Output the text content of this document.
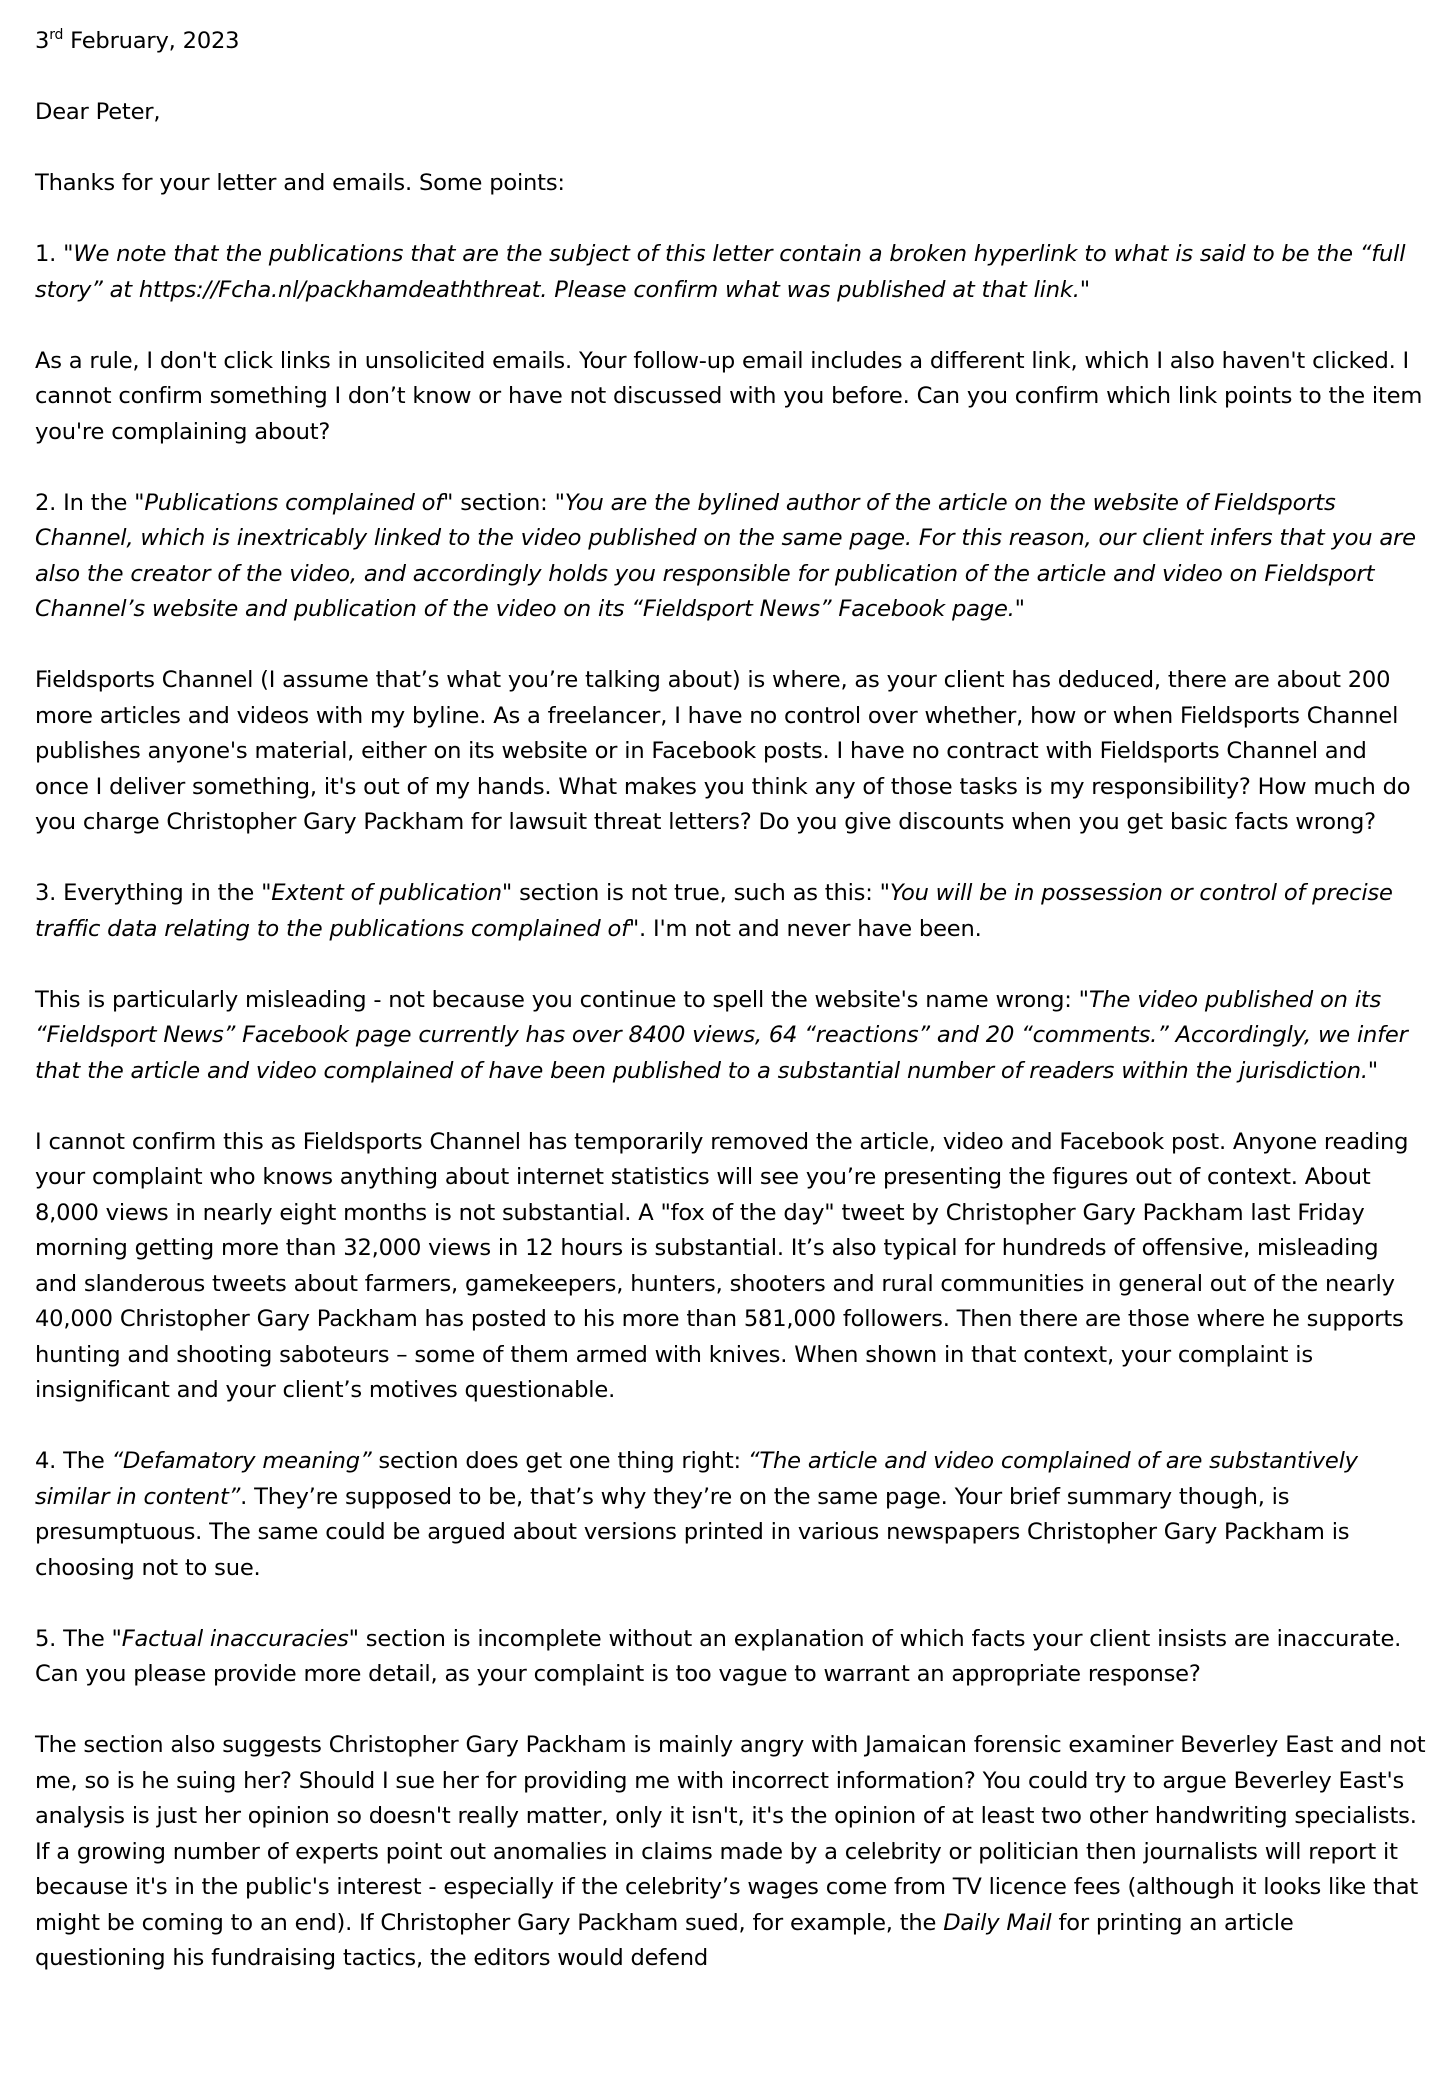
3rd February, 2023

Dear Peter,

Thanks for your letter and emails. Some points:

1. "We note that the publications that are the subject of this letter contain a broken hyperlink to what is said to be the “full story” at https://Fcha.nl/packhamdeaththreat. Please confirm what was published at that link."

As a rule, I don't click links in unsolicited emails. Your follow-up email includes a different link, which I also haven't clicked. I cannot confirm something I don’t know or have not discussed with you before. Can you confirm which link points to the item you're complaining about?

2. In the "Publications complained of" section: "You are the bylined author of the article on the website of Fieldsports Channel, which is inextricably linked to the video published on the same page. For this reason, our client infers that you are also the creator of the video, and accordingly holds you responsible for publication of the article and video on Fieldsport Channel’s website and publication of the video on its “Fieldsport News” Facebook page."

Fieldsports Channel (I assume that’s what you’re talking about) is where, as your client has deduced, there are about 200 more articles and videos with my byline. As a freelancer, I have no control over whether, how or when Fieldsports Channel publishes anyone's material, either on its website or in Facebook posts. I have no contract with Fieldsports Channel and once I deliver something, it's out of my hands. What makes you think any of those tasks is my responsibility? How much do you charge Christopher Gary Packham for lawsuit threat letters? Do you give discounts when you get basic facts wrong?

3. Everything in the "Extent of publication" section is not true, such as this: "You will be in possession or control of precise traffic data relating to the publications complained of". I'm not and never have been.

This is particularly misleading - not because you continue to spell the website's name wrong: "The video published on its “Fieldsport News” Facebook page currently has over 8400 views, 64 “reactions” and 20 “comments.” Accordingly, we infer that the article and video complained of have been published to a substantial number of readers within the jurisdiction."

I cannot confirm this as Fieldsports Channel has temporarily removed the article, video and Facebook post. Anyone reading your complaint who knows anything about internet statistics will see you’re presenting the figures out of context. About 8,000 views in nearly eight months is not substantial. A "fox of the day" tweet by Christopher Gary Packham last Friday morning getting more than 32,000 views in 12 hours is substantial. It’s also typical for hundreds of offensive, misleading and slanderous tweets about farmers, gamekeepers, hunters, shooters and rural communities in general out of the nearly 40,000 Christopher Gary Packham has posted to his more than 581,000 followers. Then there are those where he supports hunting and shooting saboteurs – some of them armed with knives. When shown in that context, your complaint is insignificant and your client’s motives questionable.

4. The “Defamatory meaning” section does get one thing right: “The article and video complained of are substantively similar in content”. They’re supposed to be, that’s why they’re on the same page. Your brief summary though, is presumptuous. The same could be argued about versions printed in various newspapers Christopher Gary Packham is choosing not to sue.

5. The "Factual inaccuracies" section is incomplete without an explanation of which facts your client insists are inaccurate. Can you please provide more detail, as your complaint is too vague to warrant an appropriate response?

The section also suggests Christopher Gary Packham is mainly angry with Jamaican forensic examiner Beverley East and not me, so is he suing her? Should I sue her for providing me with incorrect information? You could try to argue Beverley East's analysis is just her opinion so doesn't really matter, only it isn't, it's the opinion of at least two other handwriting specialists. If a growing number of experts point out anomalies in claims made by a celebrity or politician then journalists will report it because it's in the public's interest - especially if the celebrity’s wages come from TV licence fees (although it looks like that might be coming to an end). If Christopher Gary Packham sued, for example, the Daily Mail for printing an article questioning his fundraising tactics, the editors would defend
